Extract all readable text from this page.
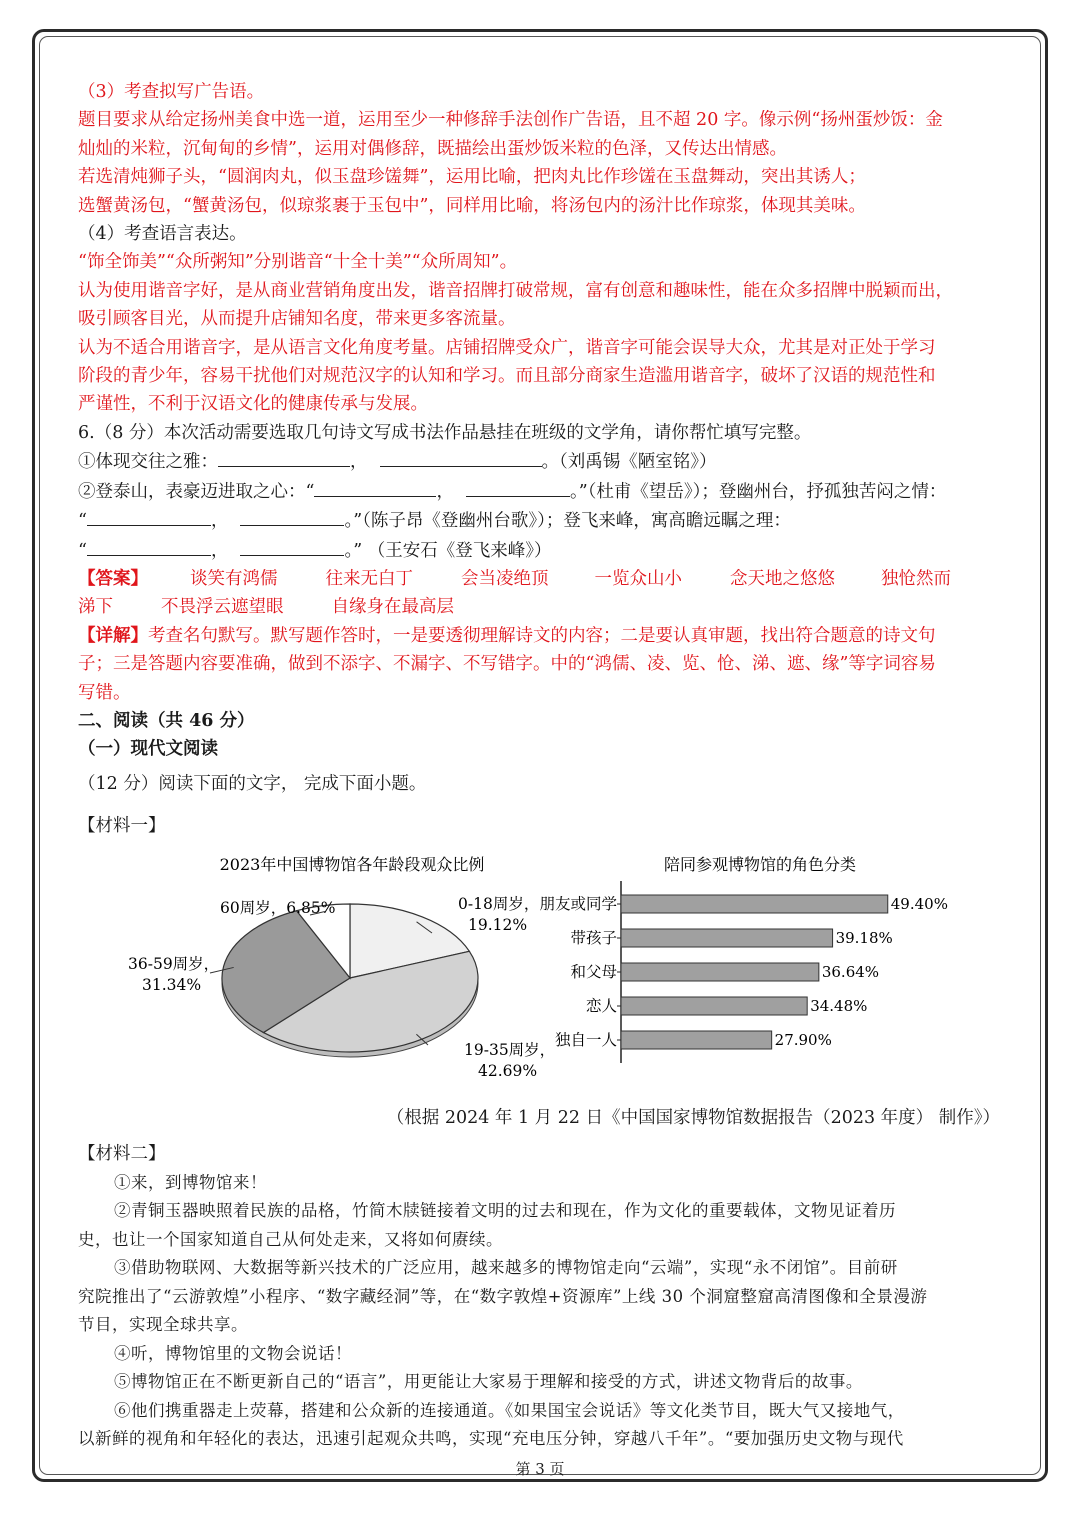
（3）考查拟写广告语。
题目要求从给定扬州美食中选一道，运用至少一种修辞手法创作广告语，且不超 20 字。像示例“扬州蛋炒饭：金
灿灿的米粒，沉甸甸的乡情”，运用对偶修辞，既描绘出蛋炒饭米粒的色泽，又传达出情感。
若选清炖狮子头，“圆润肉丸，似玉盘珍馐舞”，运用比喻，把肉丸比作珍馐在玉盘舞动，突出其诱人；
选蟹黄汤包，“蟹黄汤包，似琼浆裹于玉包中”，同样用比喻，将汤包内的汤汁比作琼浆，体现其美味。
（4）考查语言表达。
“饰全饰美”“众所粥知”分别谐音“十全十美”“众所周知”。
认为使用谐音字好，是从商业营销角度出发，谐音招牌打破常规，富有创意和趣味性，能在众多招牌中脱颖而出，
吸引顾客目光，从而提升店铺知名度，带来更多客流量。
认为不适合用谐音字，是从语言文化角度考量。店铺招牌受众广，谐音字可能会误导大众，尤其是对正处于学习
阶段的青少年，容易干扰他们对规范汉字的认知和学习。而且部分商家生造滥用谐音字，破坏了汉语的规范性和
严谨性，不利于汉语文化的健康传承与发展。
6.（8 分）本次活动需要选取几句诗文写成书法作品悬挂在班级的文学角，请你帮忙填写完整。
①体现交往之雅：	，	。（刘禹锡《陋室铭》）
②登泰山，表豪迈进取之心：“	，	。”（杜甫《望岳》）；登幽州台，抒孤独苦闷之情：
“	，	。”（陈子昂《登幽州台歌》）；登飞来峰，寓高瞻远瞩之理：
“	，	。” （王安石《登飞来峰》）
【答案】 谈笑有鸿儒	往来无白丁	会当凌绝顶	一览众山小	念天地之悠悠	独怆然而
涕下	不畏浮云遮望眼	自缘身在最高层
【详解】考查名句默写。默写题作答时，一是要透彻理解诗文的内容；二是要认真审题，找出符合题意的诗文句
子；三是答题内容要准确，做到不添字、不漏字、不写错字。中的“鸿儒、凌、览、怆、涕、遮、缘”等字词容易
写错。
二、阅读（共 46 分）
（一）现代文阅读
（12 分）阅读下面的文字， 完成下面小题。
【材料一】
2023年中国博物馆各年龄段观众比例
0-18周岁，
19.12%
19-35周岁，
42.69%
36-59周岁，
31.34%
60周岁，6.85%
陪同参观博物馆的角色分类
朋友或同学	49.40%
带孩子	39.18%
和父母	36.64%
恋人	34.48%
独自一人	27.90%
（根据 2024 年 1 月 22 日《中国国家博物馆数据报告（2023 年度） 制作》）
【材料二】
①来，到博物馆来！
②青铜玉器映照着民族的品格，竹简木牍链接着文明的过去和现在，作为文化的重要载体，文物见证着历
史，也让一个国家知道自己从何处走来，又将如何赓续。
③借助物联网、大数据等新兴技术的广泛应用，越来越多的博物馆走向“云端”，实现“永不闭馆”。目前研
究院推出了“云游敦煌”小程序、“数字藏经洞”等，在“数字敦煌+资源库”上线 30 个洞窟整窟高清图像和全景漫游
节目，实现全球共享。
④听，博物馆里的文物会说话！
⑤博物馆正在不断更新自己的“语言”，用更能让大家易于理解和接受的方式，讲述文物背后的故事。
⑥他们携重器走上荧幕，搭建和公众新的连接通道。《如果国宝会说话》等文化类节目，既大气又接地气，
以新鲜的视角和年轻化的表达，迅速引起观众共鸣，实现“充电压分钟，穿越八千年”。“要加强历史文物与现代
第 3 页
